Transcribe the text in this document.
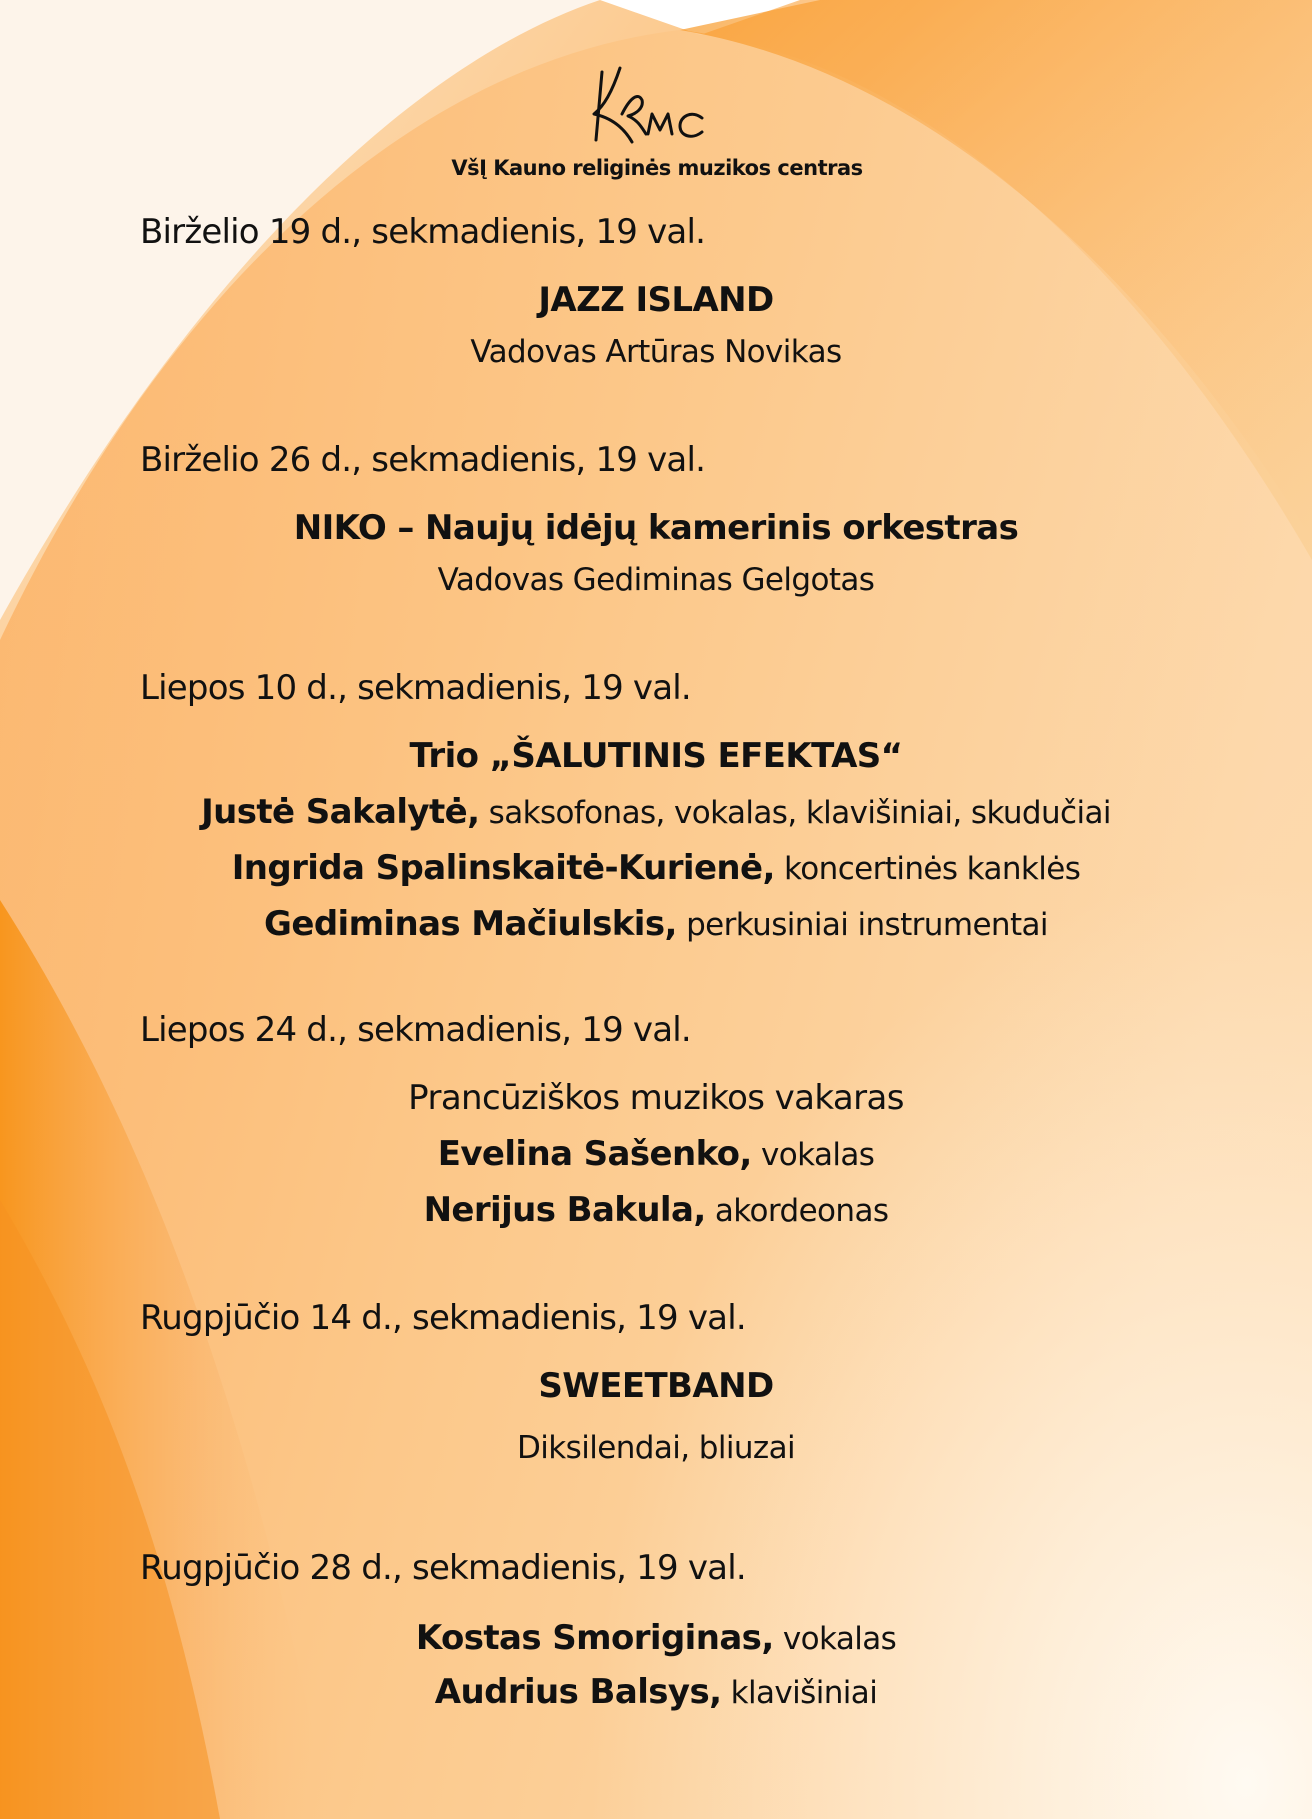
VšĮ Kauno religinės muzikos centras
Birželio 19 d., sekmadienis, 19 val.
JAZZ ISLAND
Vadovas Artūras Novikas
Birželio 26 d., sekmadienis, 19 val.
NIKO – Naujų idėjų kamerinis orkestras
Vadovas Gediminas Gelgotas
Liepos 10 d., sekmadienis, 19 val.
Trio „ŠALUTINIS EFEKTAS“
Justė Sakalytė, saksofonas, vokalas, klavišiniai, skudučiai
Ingrida Spalinskaitė-Kurienė, koncertinės kanklės
Gediminas Mačiulskis, perkusiniai instrumentai
Liepos 24 d., sekmadienis, 19 val.
Prancūziškos muzikos vakaras
Evelina Sašenko, vokalas
Nerijus Bakula, akordeonas
Rugpjūčio 14 d., sekmadienis, 19 val.
SWEETBAND
Diksilendai, bliuzai
Rugpjūčio 28 d., sekmadienis, 19 val.
Kostas Smoriginas, vokalas
Audrius Balsys, klavišiniai
